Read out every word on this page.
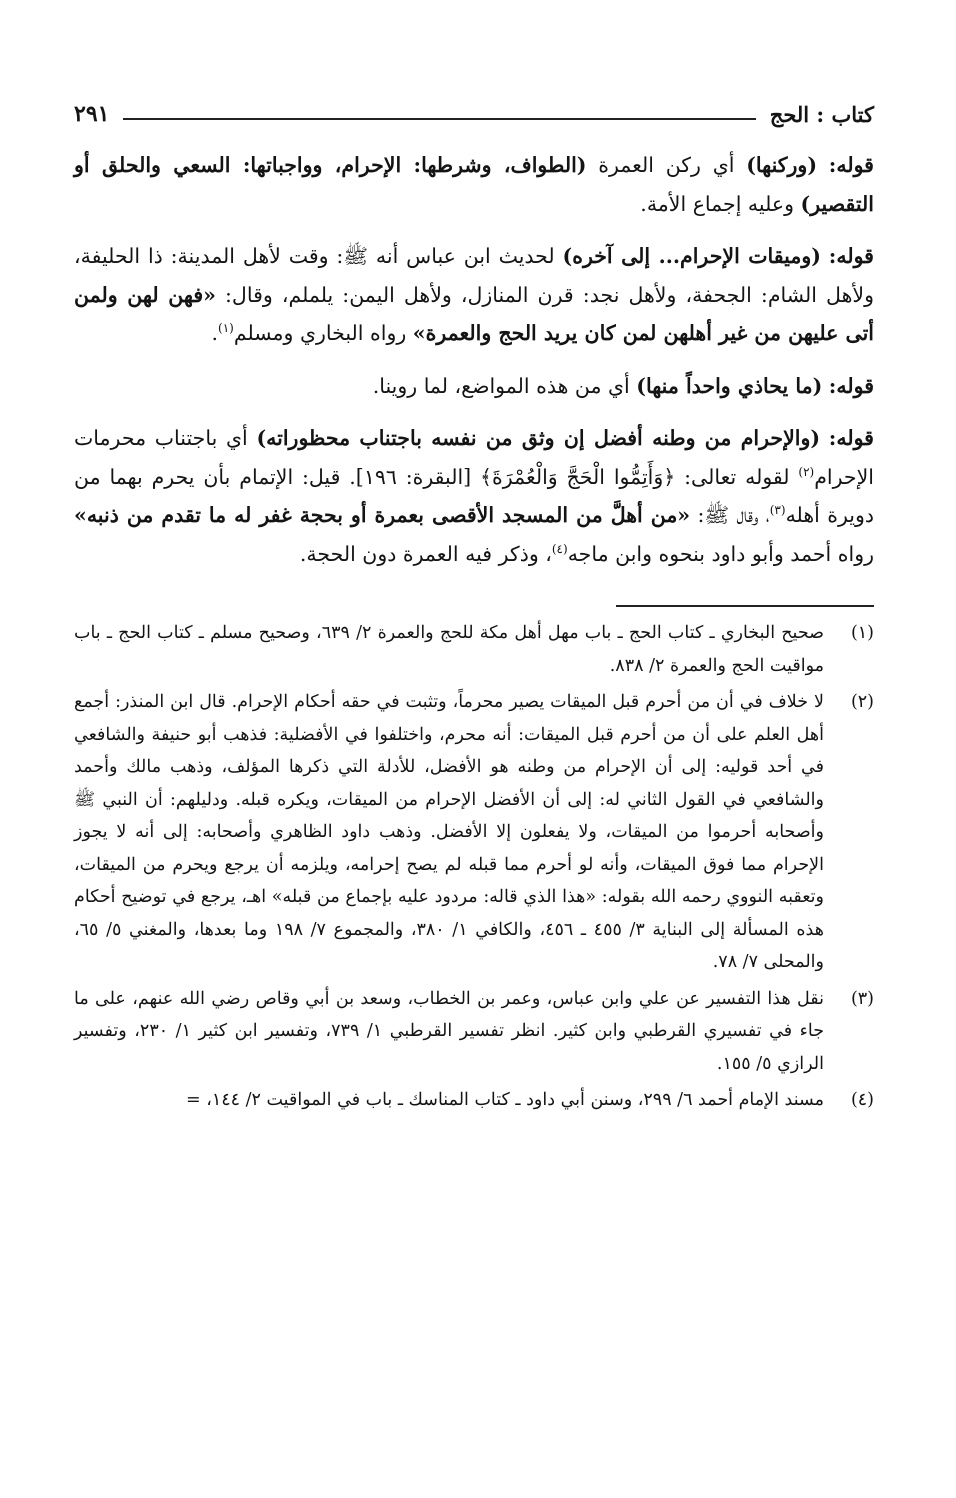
كتاب : الحج
٢٩١

قوله: (وركنها) أي ركن العمرة (الطواف، وشرطها: الإحرام، وواجباتها: السعي والحلق أو التقصير) وعليه إجماع الأمة.

قوله: (وميقات الإحرام... إلى آخره) لحديث ابن عباس أنه ﷺ: وقت لأهل المدينة: ذا الحليفة، ولأهل الشام: الجحفة، ولأهل نجد: قرن المنازل، ولأهل اليمن: يلملم، وقال: «فهن لهن ولمن أتى عليهن من غير أهلهن لمن كان يريد الحج والعمرة» رواه البخاري ومسلم$^{(١)}$.

قوله: (ما يحاذي واحداً منها) أي من هذه المواضع، لما روينا.

قوله: (والإحرام من وطنه أفضل إن وثق من نفسه باجتناب محظوراته) أي باجتناب محرمات الإحرام$^{(٢)}$ لقوله تعالى: ﴿وَأَتِمُّوا الْحَجَّ وَالْعُمْرَةَ﴾ [البقرة: ١٩٦]. قيل: الإتمام بأن يحرم بهما من دويرة أهله$^{(٣)}$، وقال ﷺ: «من أهلَّ من المسجد الأقصى بعمرة أو بحجة غفر له ما تقدم من ذنبه» رواه أحمد وأبو داود بنحوه وابن ماجه$^{(٤)}$، وذكر فيه العمرة دون الحجة.

(١)
صحيح البخاري ـ كتاب الحج ـ باب مهل أهل مكة للحج والعمرة ٢/ ٦٣٩، وصحيح مسلم ـ كتاب الحج ـ باب مواقيت الحج والعمرة ٢/ ٨٣٨.
(٢)
لا خلاف في أن من أحرم قبل الميقات يصير محرماً، وتثبت في حقه أحكام الإحرام. قال ابن المنذر: أجمع أهل العلم على أن من أحرم قبل الميقات: أنه محرم، واختلفوا في الأفضلية: فذهب أبو حنيفة والشافعي في أحد قوليه: إلى أن الإحرام من وطنه هو الأفضل، للأدلة التي ذكرها المؤلف، وذهب مالك وأحمد والشافعي في القول الثاني له: إلى أن الأفضل الإحرام من الميقات، ويكره قبله. ودليلهم: أن النبي ﷺ وأصحابه أحرموا من الميقات، ولا يفعلون إلا الأفضل. وذهب داود الظاهري وأصحابه: إلى أنه لا يجوز الإحرام مما فوق الميقات، وأنه لو أحرم مما قبله لم يصح إحرامه، ويلزمه أن يرجع ويحرم من الميقات، وتعقبه النووي رحمه الله بقوله: «هذا الذي قاله: مردود عليه بإجماع من قبله» اهـ، يرجع في توضيح أحكام هذه المسألة إلى البناية ٣/ ٤٥٥ ـ ٤٥٦، والكافي ١/ ٣٨٠، والمجموع ٧/ ١٩٨ وما بعدها، والمغني ٥/ ٦٥، والمحلى ٧/ ٧٨.
(٣)
نقل هذا التفسير عن علي وابن عباس، وعمر بن الخطاب، وسعد بن أبي وقاص رضي الله عنهم، على ما جاء في تفسيري القرطبي وابن كثير. انظر تفسير القرطبي ١/ ٧٣٩، وتفسير ابن كثير ١/ ٢٣٠، وتفسير الرازي ٥/ ١٥٥.
(٤)
مسند الإمام أحمد ٦/ ٢٩٩، وسنن أبي داود ـ كتاب المناسك ـ باب في المواقيت ٢/ ١٤٤، =
